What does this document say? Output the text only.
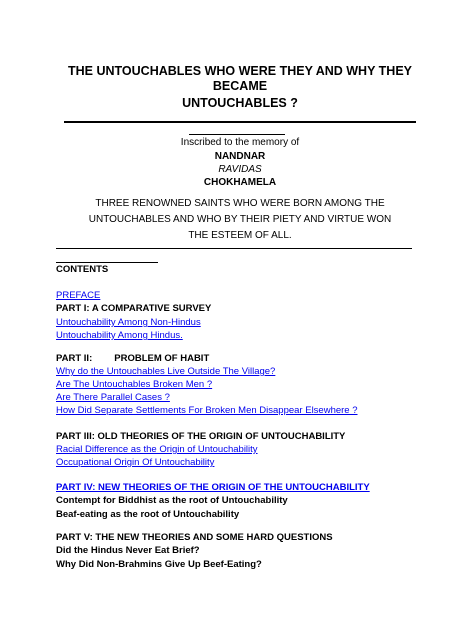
THE UNTOUCHABLES WHO WERE THEY AND WHY THEY BECAME
UNTOUCHABLES ?
Inscribed to the memory of
NANDNAR
RAVIDAS
CHOKHAMELA
THREE RENOWNED SAINTS WHO WERE BORN AMONG THE UNTOUCHABLES AND WHO BY THEIR PIETY AND VIRTUE WON THE ESTEEM OF ALL.
CONTENTS
PREFACE
PART I: A COMPARATIVE SURVEY
Untouchability Among Non-Hindus
Untouchability Among Hindus.
PART II: PROBLEM OF HABIT
Why do the Untouchables Live Outside The Village?
Are The Untouchables Broken Men ?
Are There Parallel Cases ?
How Did Separate Settlements For Broken Men Disappear Elsewhere ?
PART III: OLD THEORIES OF THE ORIGIN OF UNTOUCHABILITY
Racial Difference as the Origin of Untouchability
Occupational Origin Of Untouchability
PART IV: NEW THEORIES OF THE ORIGIN OF THE UNTOUCHABILITY
Contempt for Biddhist as the root of Untouchability
Beaf-eating as the root of Untouchability
PART V: THE NEW THEORIES AND SOME HARD QUESTIONS
Did the Hindus Never Eat Brief?
Why Did Non-Brahmins Give Up Beef-Eating?
